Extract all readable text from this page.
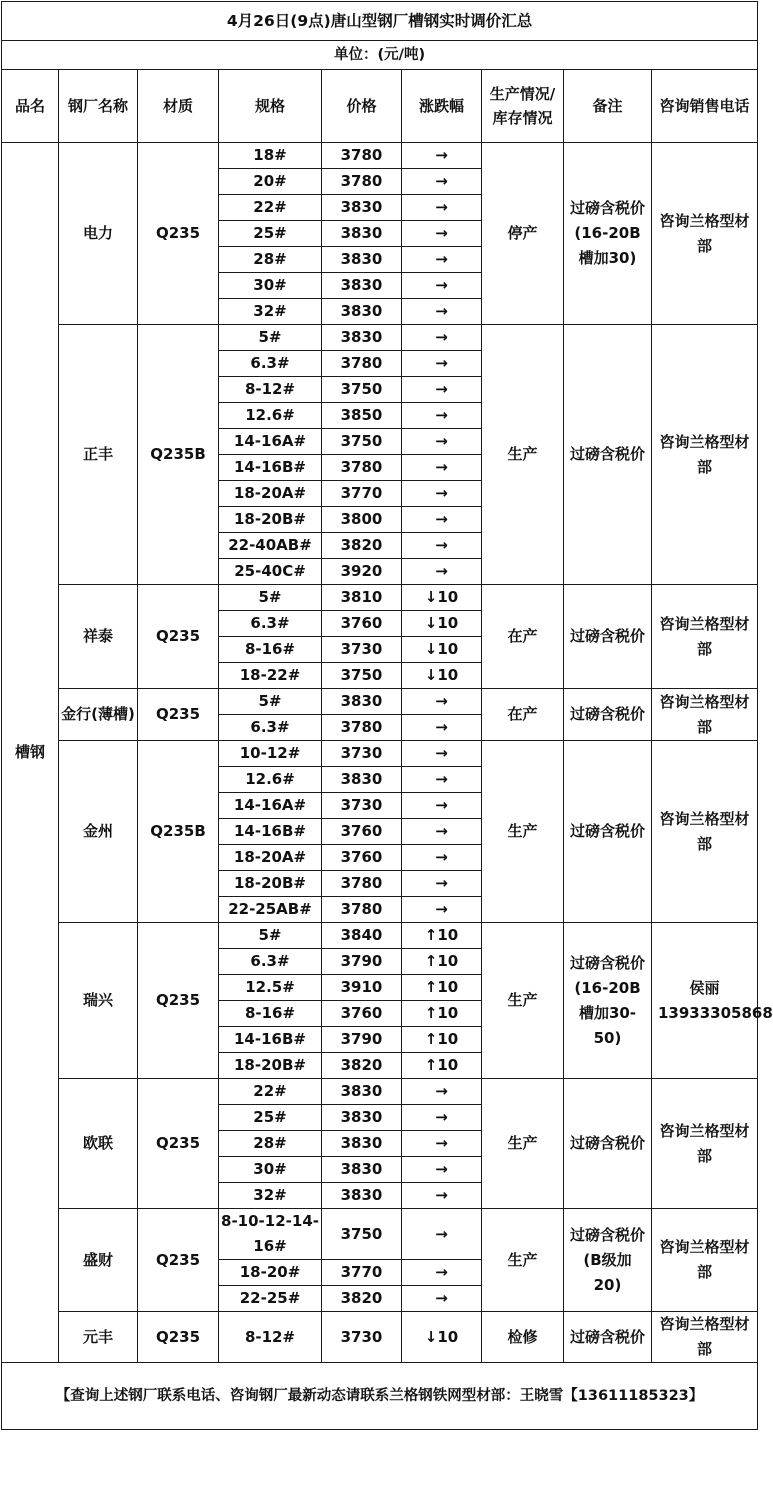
4月26日(9点)唐山型钢厂槽钢实时调价汇总								
单位：(元/吨)								
品名	钢厂名称	材质	规格	价格	涨跌幅	生产情况/库存情况	备注	咨询销售电话
槽钢	电力	Q235	18#	3780	→	停产	过磅含税价(16-20B槽加30)	咨询兰格型材部
			20#	3780	→			
			22#	3830	→			
			25#	3830	→			
			28#	3830	→			
			30#	3830	→			
			32#	3830	→			
	正丰	Q235B	5#	3830	→	生产	过磅含税价	咨询兰格型材部
			6.3#	3780	→			
			8-12#	3750	→			
			12.6#	3850	→			
			14-16A#	3750	→			
			14-16B#	3780	→			
			18-20A#	3770	→			
			18-20B#	3800	→			
			22-40AB#	3820	→			
			25-40C#	3920	→			
	祥泰	Q235	5#	3810	↓10	在产	过磅含税价	咨询兰格型材部
			6.3#	3760	↓10			
			8-16#	3730	↓10			
			18-22#	3750	↓10			
	金行(薄槽)	Q235	5#	3830	→	在产	过磅含税价	咨询兰格型材部
			6.3#	3780	→			
	金州	Q235B	10-12#	3730	→	生产	过磅含税价	咨询兰格型材部
			12.6#	3830	→			
			14-16A#	3730	→			
			14-16B#	3760	→			
			18-20A#	3760	→			
			18-20B#	3780	→			
			22-25AB#	3780	→			
	瑞兴	Q235	5#	3840	↑10	生产	过磅含税价(16-20B槽加30-50)	侯丽13933305868
			6.3#	3790	↑10			
			12.5#	3910	↑10			
			8-16#	3760	↑10			
			14-16B#	3790	↑10			
			18-20B#	3820	↑10			
	欧联	Q235	22#	3830	→	生产	过磅含税价	咨询兰格型材部
			25#	3830	→			
			28#	3830	→			
			30#	3830	→			
			32#	3830	→			
	盛财	Q235	8-10-12-14-16#	3750	→	生产	过磅含税价(B级加20)	咨询兰格型材部
			18-20#	3770	→			
			22-25#	3820	→			
	元丰	Q235	8-12#	3730	↓10	检修	过磅含税价	咨询兰格型材部
【查询上述钢厂联系电话、咨询钢厂最新动态请联系兰格钢铁网型材部：王晓雪【13611185323】								
